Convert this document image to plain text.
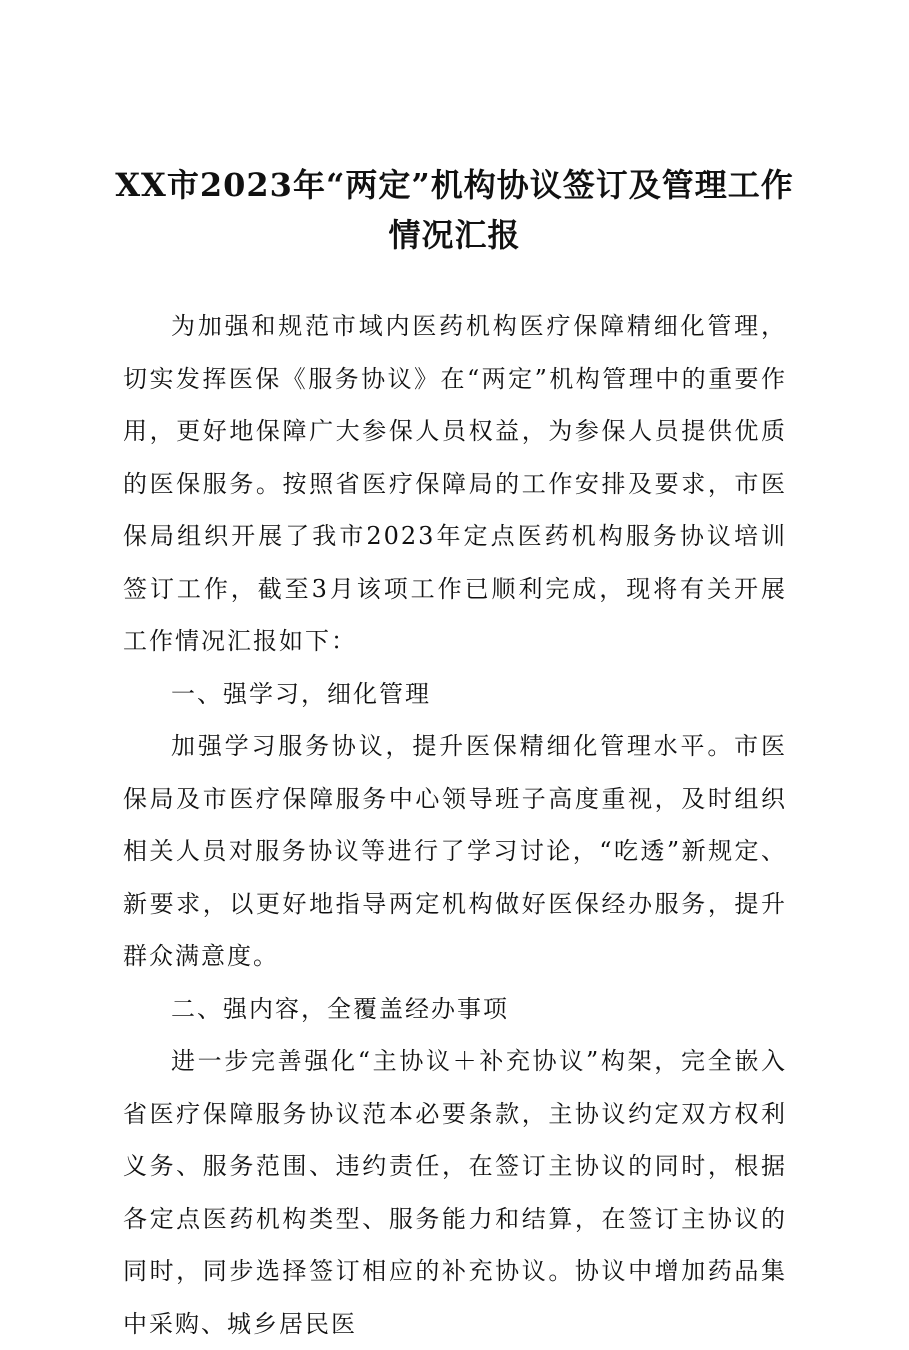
XX市2023年“两定”机构协议签订及管理工作情况汇报

为加强和规范市域内医药机构医疗保障精细化管理，切实发挥医保《服务协议》在“两定”机构管理中的重要作用，更好地保障广大参保人员权益，为参保人员提供优质的医保服务。按照省医疗保障局的工作安排及要求，市医保局组织开展了我市2023年定点医药机构服务协议培训签订工作，截至3月该项工作已顺利完成，现将有关开展工作情况汇报如下：

一、强学习，细化管理

加强学习服务协议，提升医保精细化管理水平。市医保局及市医疗保障服务中心领导班子高度重视，及时组织相关人员对服务协议等进行了学习讨论，“吃透”新规定、新要求，以更好地指导两定机构做好医保经办服务，提升群众满意度。

二、强内容，全覆盖经办事项

进一步完善强化“主协议＋补充协议”构架，完全嵌入省医疗保障服务协议范本必要条款，主协议约定双方权利义务、服务范围、违约责任，在签订主协议的同时，根据各定点医药机构类型、服务能力和结算，在签订主协议的同时，同步选择签订相应的补充协议。协议中增加药品集中采购、城乡居民医
